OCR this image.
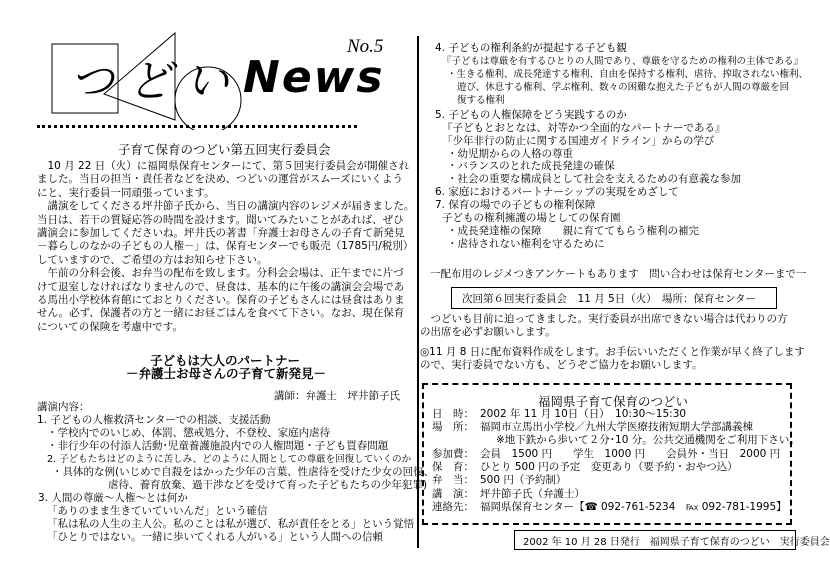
つ ど い News
No.5
子育て保育のつどい第五回実行委員会
　10 月 22 日（火）に福岡県保育センターにて、第５回実行委員会が開催され
ました。当日の担当・責任者などを決め、つどいの運営がスムーズにいくよう
にと、実行委員一同頑張っています。
　講演をしてくださる坪井節子氏から、当日の講演内容のレジメが届きました。
当日は、若干の質疑応答の時間を設けます。聞いてみたいことがあれば、ぜひ
講演会に参加してくださいね。坪井氏の著書「弁護士お母さんの子育て新発見
－暮らしのなかの子どもの人権－」は、保育センターでも販売（1785円/税別）
していますので、ご希望の方はお知らせ下さい。
　午前の分科会後、お弁当の配布を致します。分科会会場は、正午までに片づ
けて退室しなければなりませんので、昼食は、基本的に午後の講演会会場であ
る馬出小学校体育館にておとりください。保育の子どもさんには昼食はありま
せん。必ず、保護者の方と一緒にお昼ごはんを食べて下さい。なお、現在保育
についての保険を考慮中です。
子どもは大人のパートナー
－弁護士お母さんの子育て新発見－
講師：弁護士　坪井節子氏
講演内容：
1. 子どもの人権救済センターでの相談、支援活動
・学校内でのいじめ、体罰、懲戒処分、不登校、家庭内虐待
・非行少年の付添人活動･児童養護施設内での人権問題・子ども買春問題
2. 子どもたちはどのように苦しみ、どのように人間としての尊厳を回復していくのか
・具体的な例(いじめで自殺をはかった少年の言葉、性虐待を受けた少女の回復、
虐待、養育放棄、過干渉などを受けて育った子どもたちの少年犯罪)
3. 人間の尊厳～人権～とは何か
「ありのまま生きていていいんだ」という確信
「私は私の人生の主人公。私のことは私が選び、私が責任をとる」という覚悟
「ひとりではない。一緒に歩いてくれる人がいる」という人間への信頼
4. 子どもの権利条約が提起する子ども観
『子どもは尊厳を有するひとりの人間であり、尊厳を守るための権利の主体である』
・生きる権利、成長発達する権利、自由を保持する権利、虐待、搾取されない権利、
遊び、休息する権利、学ぶ権利、数々の困難な抱えた子どもが人間の尊厳を回
復する権利
5. 子どもの人権保障をどう実践するのか
『子どもとおとなは、対等かつ全面的なパートナーである』
「少年非行の防止に関する国連ガイドライン」からの学び
・幼児期からの人格の尊重
・バランスのとれた成長発達の確保
・社会の重要な構成員として社会を支えるための有意義な参加
6. 家庭におけるパートナーシップの実現をめざして
7. 保育の場での子どもの権利保障
子どもの権利擁護の場としての保育園
・成長発達権の保障　　親に育ててもらう権利の補完
・虐待されない権利を守るために
一配布用のレジメつきアンケートもあります　問い合わせは保育センターまで一
次回第６回実行委員会　11 月 5日（火）　場所：保育センター
　つどいも目前に迫ってきました。実行委員が出席できない場合は代わりの方
の出席を必ずお願いします。
◎11 月 8 日に配布資料作成をします。お手伝いいただくと作業が早く終了します
ので、実行委員でない方も、どうぞご協力をお願いします。
福岡県子育て保育のつどい
日　時： 2002 年 11 月 10日（日）　10:30～15:30
場　所： 福岡市立馬出小学校／九州大学医療技術短期大学部講義棟
※地下鉄から歩いて２分･10 分。公共交通機関をご利用下さい。
参加費： 会員　1500 円　　学生　1000 円　　会員外・当日　2000 円
保　育： ひとり 500 円の予定　変更あり（要予約・おやつ込）
弁　当： 500 円（予約制）
講　演： 坪井節子氏（弁護士）
連絡先： 福岡県保育センター【☎ 092-761-5234　℻ 092-781-1995】
2002 年 10 月 28 日発行　福岡県子育て保育のつどい　実行委員会
